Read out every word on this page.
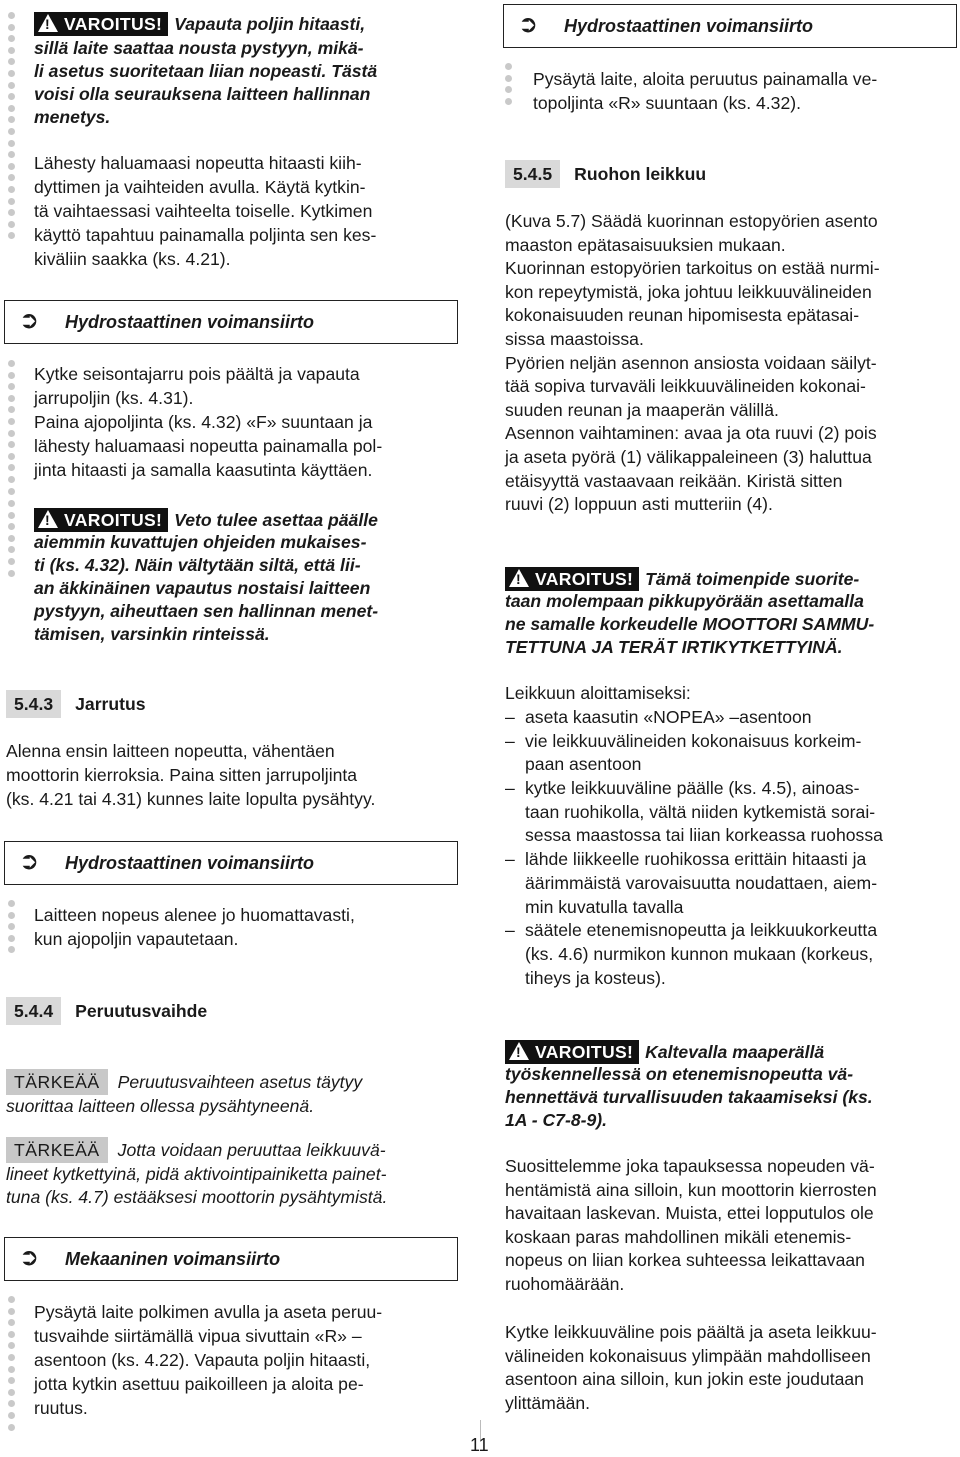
!VAROITUS! Vapauta poljin hitaasti,
sillä laite saattaa nousta pystyyn, mikä-
li asetus suoritetaan liian nopeasti. Tästä
voisi olla seurauksena laitteen hallinnan
menetys.
Lähesty haluamaasi nopeutta hitaasti kiih-
dyttimen ja vaihteiden avulla. Käytä kytkin-
tä vaihtaessasi vaihteelta toiselle. Kytkimen
käyttö tapahtuu painamalla poljinta sen kes-
kiväliin saakka (ks. 4.21).
➲ Hydrostaattinen voimansiirto
Kytke seisontajarru pois päältä ja vapauta
jarrupoljin (ks. 4.31).
Paina ajopoljinta (ks. 4.32) «F» suuntaan ja
lähesty haluamaasi nopeutta painamalla pol-
jinta hitaasti ja samalla kaasutinta käyttäen.
!VAROITUS! Veto tulee asettaa päälle
aiemmin kuvattujen ohjeiden mukaises-
ti (ks. 4.32). Näin vältytään siltä, että lii-
an äkkinäinen vapautus nostaisi laitteen
pystyyn, aiheuttaen sen hallinnan menet-
tämisen, varsinkin rinteissä.
5.4.3 Jarrutus
Alenna ensin laitteen nopeutta, vähentäen
moottorin kierroksia. Paina sitten jarrupoljinta
(ks. 4.21 tai 4.31) kunnes laite lopulta pysähtyy.
➲ Hydrostaattinen voimansiirto
Laitteen nopeus alenee jo huomattavasti,
kun ajopoljin vapautetaan.
5.4.4 Peruutusvaihde
TÄRKEÄÄ Peruutusvaihteen asetus täytyy
suorittaa laitteen ollessa pysähtyneenä.
TÄRKEÄÄ Jotta voidaan peruuttaa leikkuuvä-
lineet kytkettyinä, pidä aktivointipainiketta painet-
tuna (ks. 4.7) estääksesi moottorin pysähtymistä.
➲ Mekaaninen voimansiirto
Pysäytä laite polkimen avulla ja aseta peruu-
tusvaihde siirtämällä vipua sivuttain «R» –
asentoon (ks. 4.22). Vapauta poljin hitaasti,
jotta kytkin asettuu paikoilleen ja aloita pe-
ruutus.
➲ Hydrostaattinen voimansiirto
Pysäytä laite, aloita peruutus painamalla ve-
topoljinta «R» suuntaan (ks. 4.32).
5.4.5 Ruohon leikkuu
(Kuva 5.7) Säädä kuorinnan estopyörien asento
maaston epätasaisuuksien mukaan.
Kuorinnan estopyörien tarkoitus on estää nurmi-
kon repeytymistä, joka johtuu leikkuuvälineiden
kokonaisuuden reunan hipomisesta epätasai-
sissa maastoissa.
Pyörien neljän asennon ansiosta voidaan säilyt-
tää sopiva turvaväli leikkuuvälineiden kokonai-
suuden reunan ja maaperän välillä.
Asennon vaihtaminen: avaa ja ota ruuvi (2) pois
ja aseta pyörä (1) välikappaleineen (3) haluttua
etäisyyttä vastaavaan reikään. Kiristä sitten
ruuvi (2) loppuun asti mutteriin (4).
!VAROITUS! Tämä toimenpide suorite-
taan molempaan pikkupyörään asettamalla
ne samalle korkeudelle MOOTTORI SAMMU-
TETTUNA JA TERÄT IRTIKYTKETTYINÄ.
Leikkuun aloittamiseksi:
– aseta kaasutin «NOPEA» –asentoon
– vie leikkuuvälineiden kokonaisuus korkeim-
paan asentoon
– kytke leikkuuväline päälle (ks. 4.5), ainoas-
taan ruohikolla, vältä niiden kytkemistä sorai-
sessa maastossa tai liian korkeassa ruohossa
– lähde liikkeelle ruohikossa erittäin hitaasti ja
äärimmäistä varovaisuutta noudattaen, aiem-
min kuvatulla tavalla
– säätele etenemisnopeutta ja leikkuukorkeutta
(ks. 4.6) nurmikon kunnon mukaan (korkeus,
tiheys ja kosteus).
!VAROITUS! Kaltevalla maaperällä
työskennellessä on etenemisnopeutta vä-
hennettävä turvallisuuden takaamiseksi (ks.
1A - C7-8-9).
Suosittelemme joka tapauksessa nopeuden vä-
hentämistä aina silloin, kun moottorin kierrosten
havaitaan laskevan. Muista, ettei lopputulos ole
koskaan paras mahdollinen mikäli etenemis-
nopeus on liian korkea suhteessa leikattavaan
ruohomäärään.
Kytke leikkuuväline pois päältä ja aseta leikkuu-
välineiden kokonaisuus ylimpään mahdolliseen
asentoon aina silloin, kun jokin este joudutaan
ylittämään.
11
